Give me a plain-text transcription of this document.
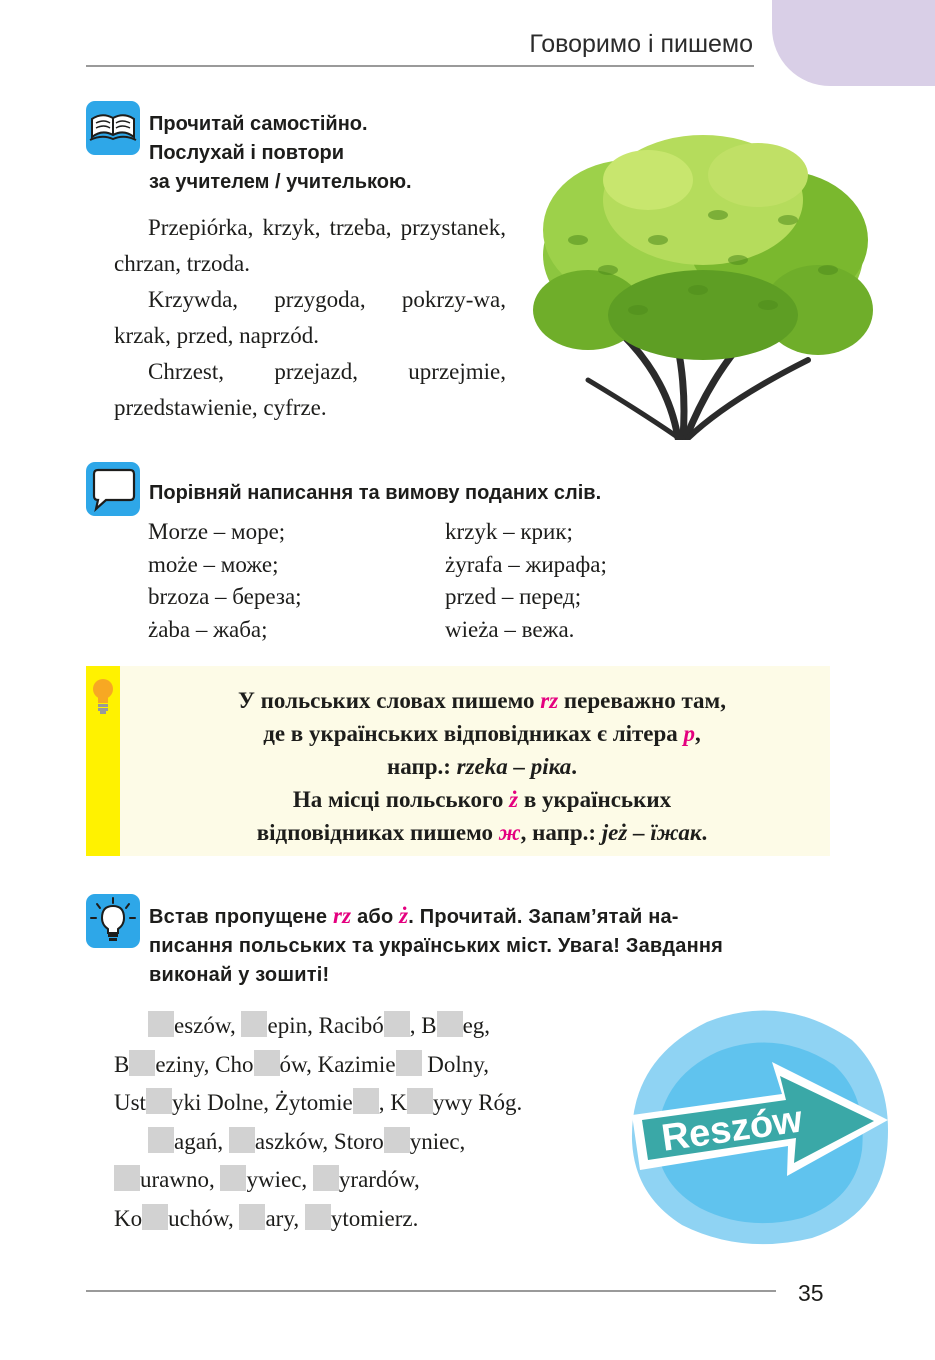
Говоримо і пишемо
Прочитай самостійно.
Послухай і повтори
за учителем / учителькою.

Przepiórka, krzyk, trzeba, przystanek, chrzan, trzoda.

Krzywda, przygoda, pokrzy-wa, krzak, przed, naprzód.

Chrzest, przejazd, uprzejmie, przedstawienie, cyfrze.

Порівняй написання та вимову поданих слів.
Morze – море;
może – може;
brzoza – береза;
żaba – жаба;
krzyk – крик;
żyrafa – жирафа;
przed – перед;
wieża – вежа.
У польських словах пишемо rz переважно там,
де в українських відповідниках є літера р,
напр.: rzeka – ріка.
На місці польського ż в українських
відповідниках пишемо ж, напр.: jeż – їжак.
Встав пропущене rz або ż. Прочитай. Запам’ятай на-
писання польських та українських міст. Увага! Завдання
виконай у зошиті!
eszów, epin, Racibó , B eg,
B eziny, Cho ów, Kazimie Dolny,
Ust yki Dolne, Żytomie , K ywy Róg.
agań, aszków, Storo yniec,
urawno, ywiec, yrardów,
Ko uchów, ary, ytomierz.
Reszów
35
